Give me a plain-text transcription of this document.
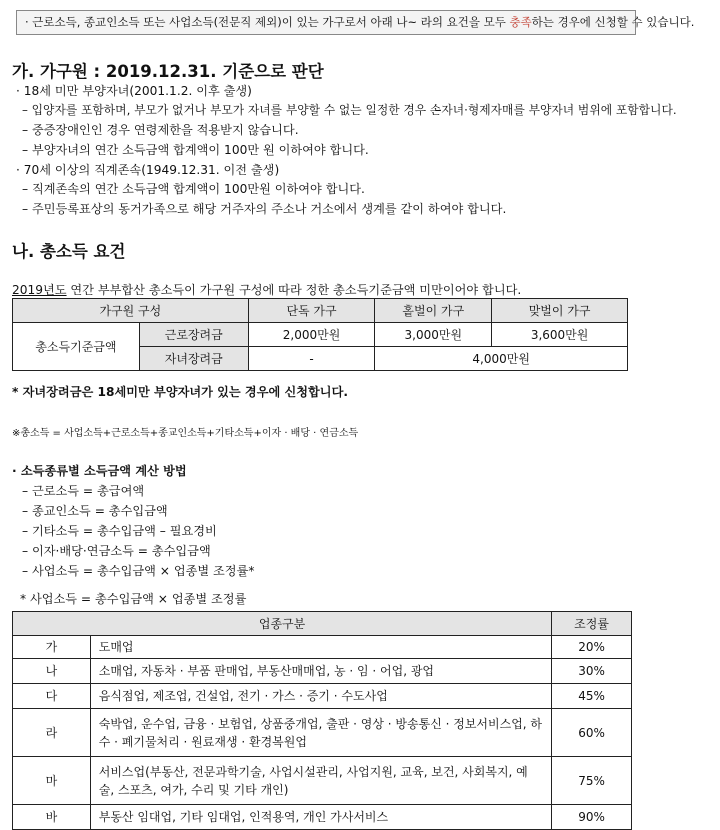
· 근로소득, 종교인소득 또는 사업소득(전문직 제외)이 있는 가구로서 아래 나~ 라의 요건을 모두 충족하는 경우에 신청할 수 있습니다.
가. 가구원 : 2019.12.31. 기준으로 판단
· 18세 미만 부양자녀(2001.1.2. 이후 출생)
– 입양자를 포함하며, 부모가 없거나 부모가 자녀를 부양할 수 없는 일정한 경우 손자녀·형제자매를 부양자녀 범위에 포함합니다.
– 중증장애인인 경우 연령제한을 적용받지 않습니다.
– 부양자녀의 연간 소득금액 합계액이 100만 원 이하여야 합니다.
· 70세 이상의 직계존속(1949.12.31. 이전 출생)
– 직계존속의 연간 소득금액 합계액이 100만원 이하여야 합니다.
– 주민등록표상의 동거가족으로 해당 거주자의 주소나 거소에서 생계를 같이 하여야 합니다.
나. 총소득 요건
2019년도 연간 부부합산 총소득이 가구원 구성에 따라 정한 총소득기준금액 미만이어야 합니다.
가구원 구성		단독 가구	홑벌이 가구	맞벌이 가구
총소득기준금액	근로장려금	2,000만원	3,000만원	3,600만원
	자녀장려금	-	4,000만원	
* 자녀장려금은 18세미만 부양자녀가 있는 경우에 신청합니다.
※총소득 = 사업소득+근로소득+종교인소득+기타소득+이자 · 배당 · 연금소득
· 소득종류별 소득금액 계산 방법
– 근로소득 = 총급여액
– 종교인소득 = 총수입금액
– 기타소득 = 총수입금액 – 필요경비
– 이자·배당·연금소득 = 총수입금액
– 사업소득 = 총수입금액 × 업종별 조정률*
* 사업소득 = 총수입금액 × 업종별 조정률
업종구분		조정률
가	도매업	20%
나	소매업, 자동차 · 부품 판매업, 부동산매매업, 농 · 임 · 어업, 광업	30%
다	음식점업, 제조업, 건설업, 전기 · 가스 · 증기 · 수도사업	45%
라	숙박업, 운수업, 금융 · 보험업, 상품중개업, 출판 · 영상 · 방송통신 · 정보서비스업, 하수 · 폐기물처리 · 원료재생 · 환경복원업	60%
마	서비스업(부동산, 전문과학기술, 사업시설관리, 사업지원, 교육, 보건, 사회복지, 예술, 스포츠, 여가, 수리 및 기타 개인)	75%
바	부동산 임대업, 기타 임대업, 인적용역, 개인 가사서비스	90%
